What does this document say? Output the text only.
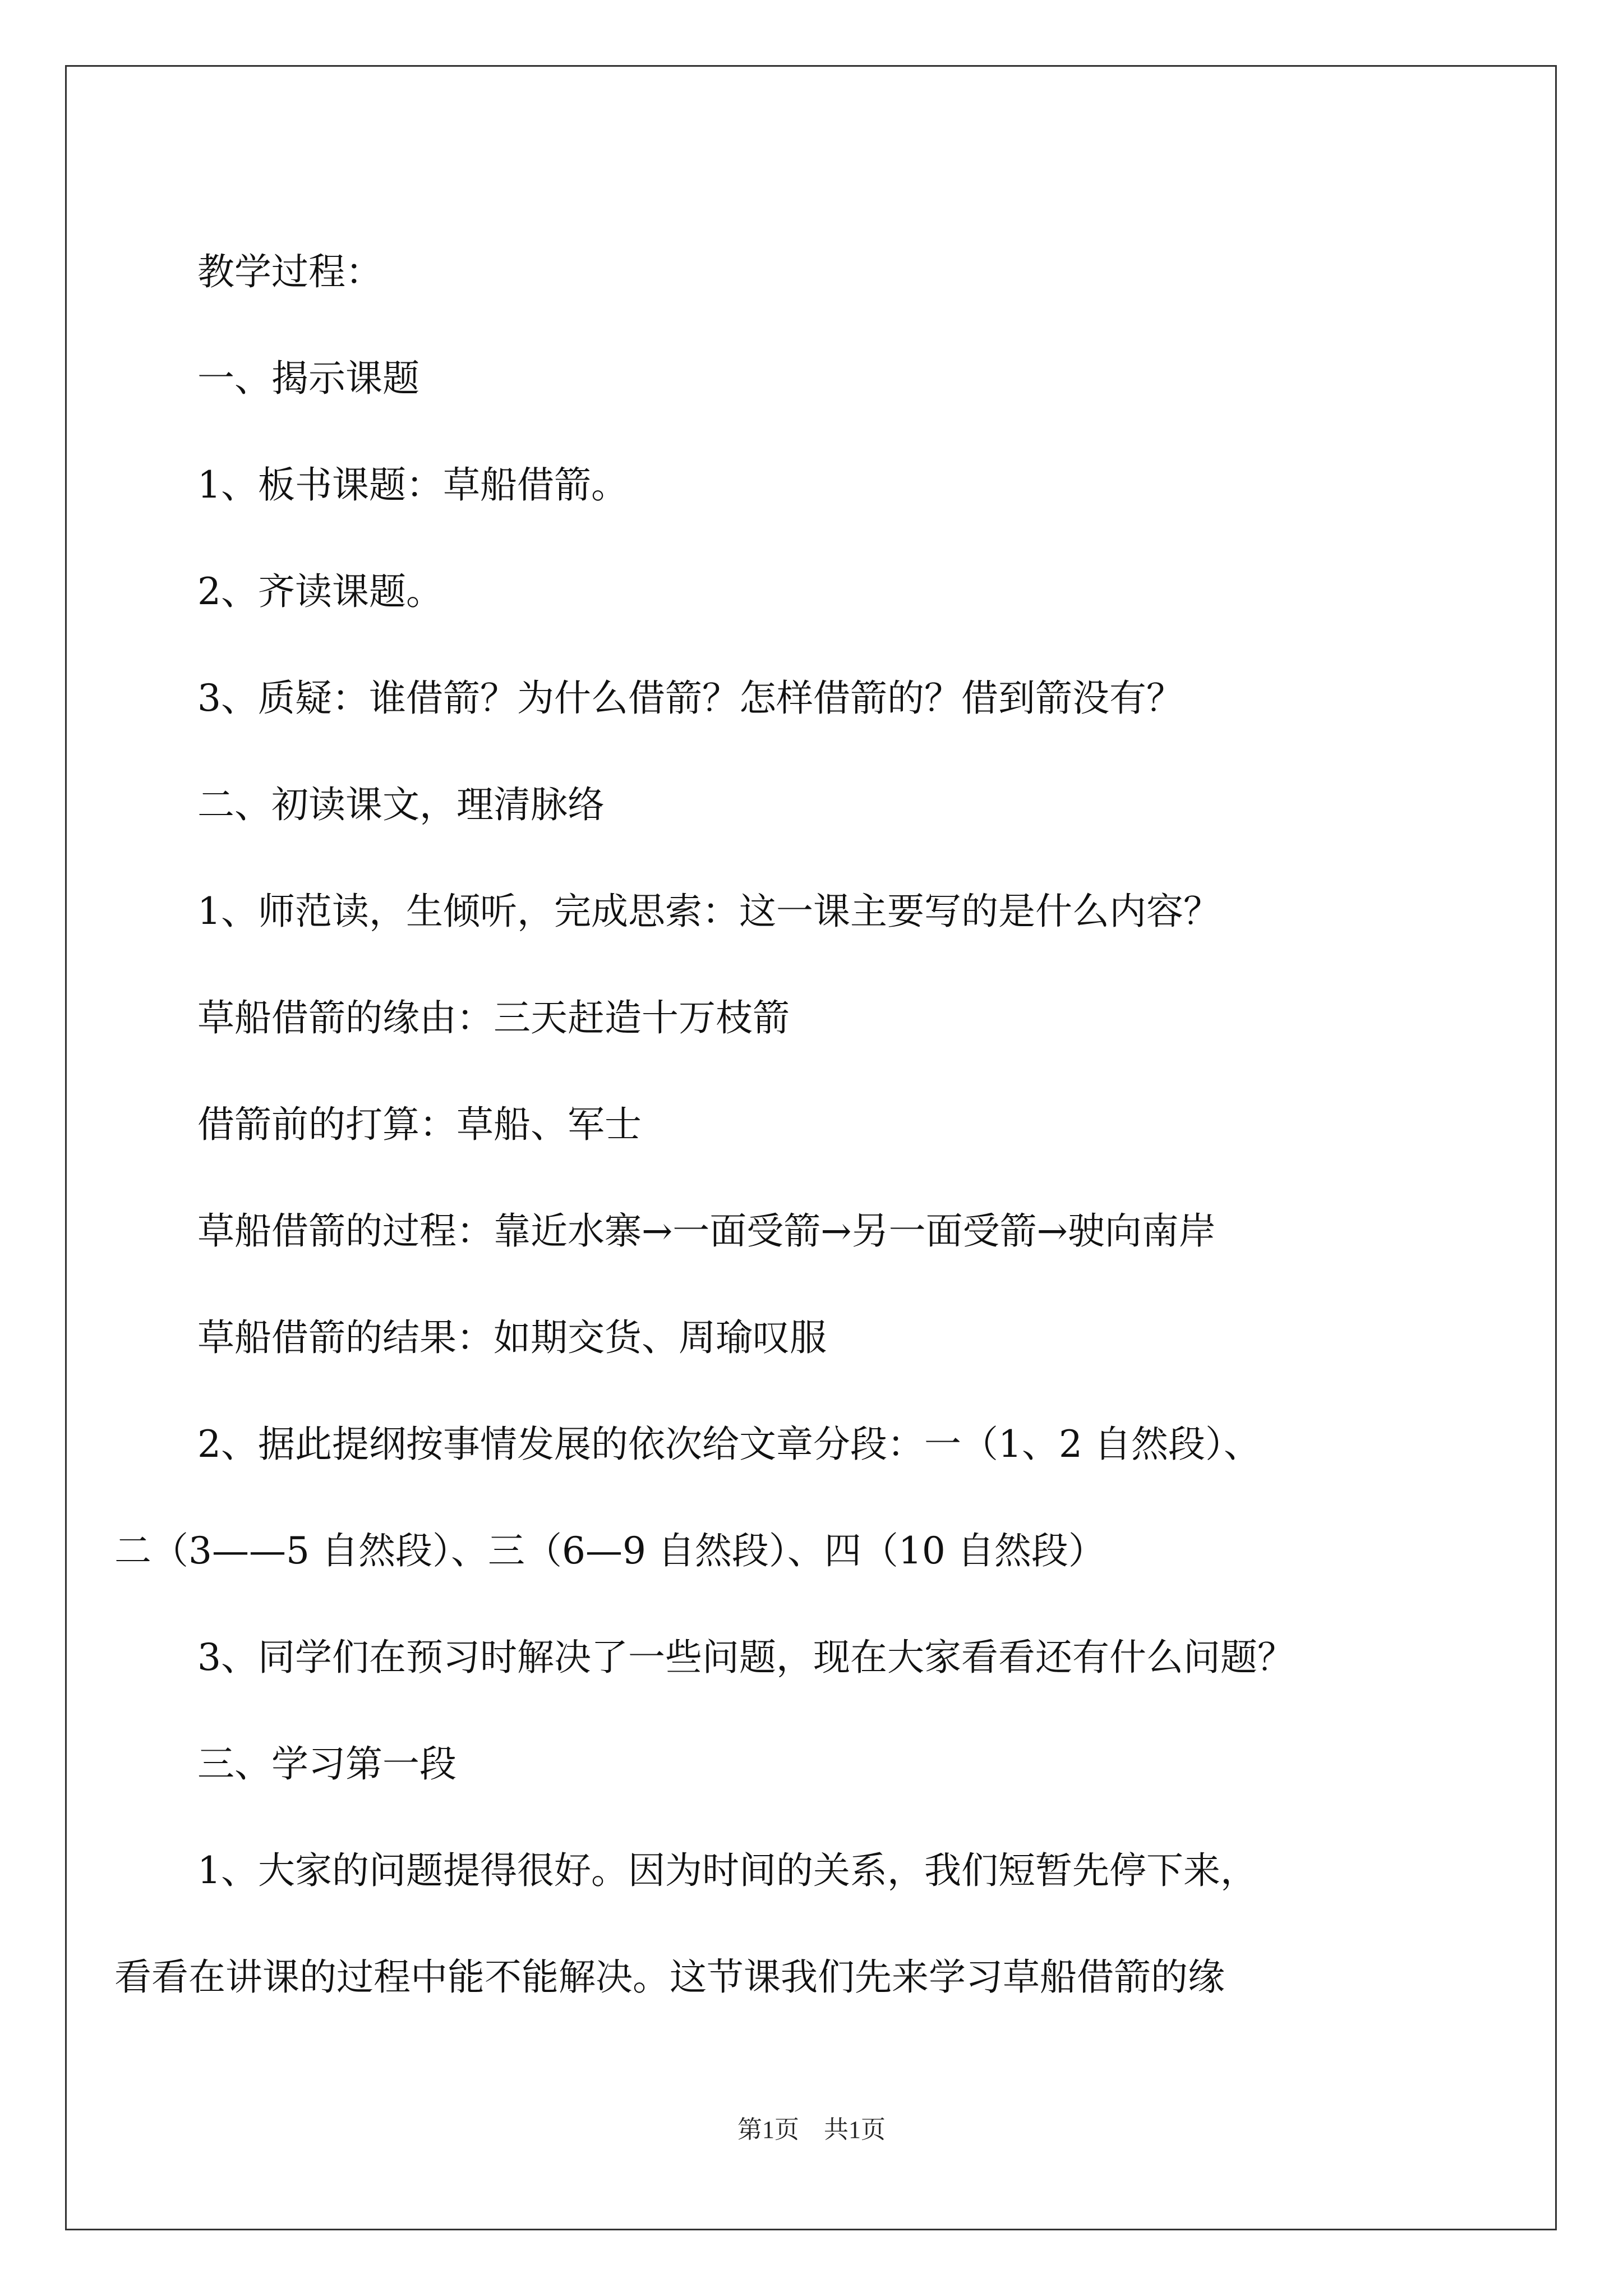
教学过程：

一、揭示课题

1、板书课题：草船借箭。

2、齐读课题。

3、质疑：谁借箭？为什么借箭？怎样借箭的？借到箭没有？

二、初读课文，理清脉络

1、师范读，生倾听，完成思索：这一课主要写的是什么内容？

草船借箭的缘由：三天赶造十万枝箭

借箭前的打算：草船、军士

草船借箭的过程：靠近水寨→一面受箭→另一面受箭→驶向南岸

草船借箭的结果：如期交货、周瑜叹服

2、据此提纲按事情发展的依次给文章分段：一（1、2 自然段）、

二（3——5 自然段）、三（6—9 自然段）、四（10 自然段）

3、同学们在预习时解决了一些问题，现在大家看看还有什么问题？

三、学习第一段

1、大家的问题提得很好。因为时间的关系，我们短暂先停下来，

看看在讲课的过程中能不能解决。这节课我们先来学习草船借箭的缘

第1页　共1页
